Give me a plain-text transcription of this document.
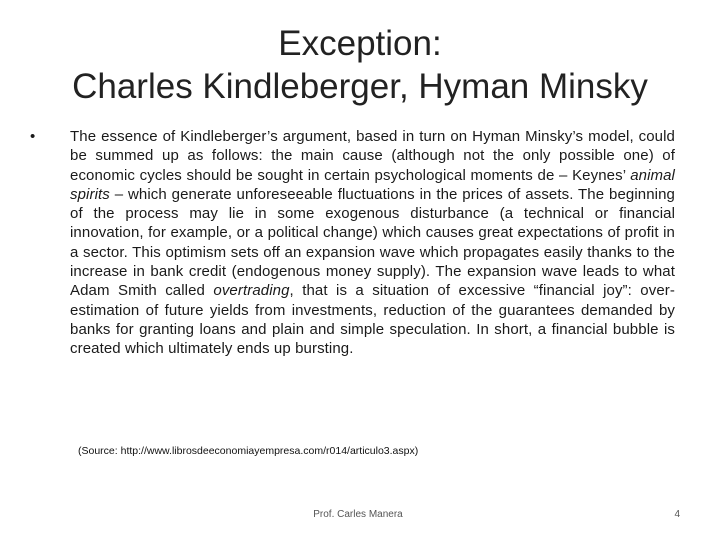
Exception:
Charles Kindleberger, Hyman Minsky
• The essence of Kindleberger’s argument, based in turn on Hyman Minsky’s model, could be summed up as follows: the main cause (although not the only possible one) of economic cycles should be sought in certain psychological moments de – Keynes’ animal spirits – which generate unforeseeable fluctuations in the prices of assets. The beginning of the process may lie in some exogenous disturbance (a technical or financial innovation, for example, or a political change) which causes great expectations of profit in a sector. This optimism sets off an expansion wave which propagates easily thanks to the increase in bank credit (endogenous money supply). The expansion wave leads to what Adam Smith called overtrading, that is a situation of excessive “financial joy”: over-estimation of future yields from investments, reduction of the guarantees demanded by banks for granting loans and plain and simple speculation. In short, a financial bubble is created which ultimately ends up bursting.
(Source: http://www.librosdeeconomiayempresa.com/r014/articulo3.aspx)
Prof. Carles Manera	4
